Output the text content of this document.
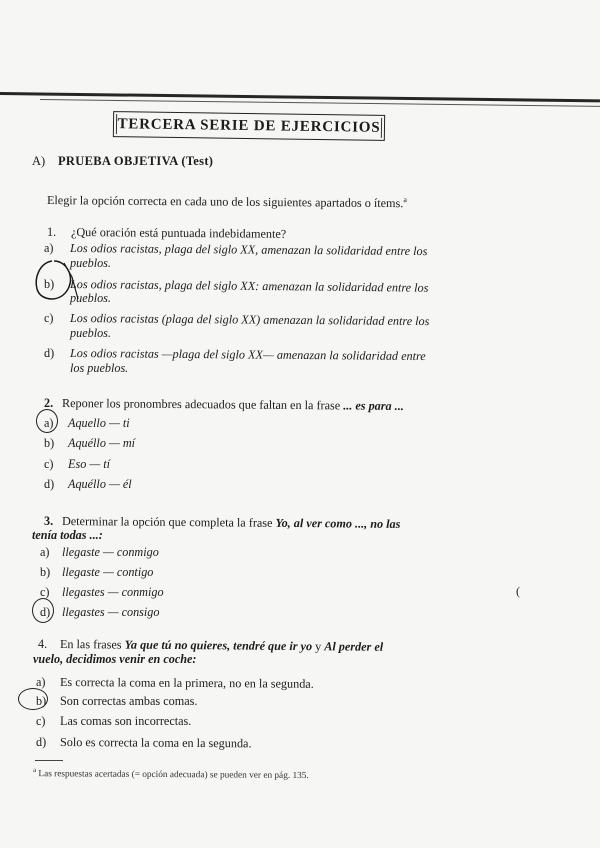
TERCERA SERIE DE EJERCICIOS
A) PRUEBA OBJETIVA (Test)
Elegir la opción correcta en cada uno de los siguientes apartados o ítems.$^a$
1. ¿Qué oración está puntuada indebidamente?
a) Los odios racistas, plaga del siglo XX, amenazan la solidaridad entre los
pueblos.
b) Los odios racistas, plaga del siglo XX: amenazan la solidaridad entre los
pueblos.
c) Los odios racistas (plaga del siglo XX) amenazan la solidaridad entre los
pueblos.
d) Los odios racistas —plaga del siglo XX— amenazan la solidaridad entre
los pueblos.
2. Reponer los pronombres adecuados que faltan en la frase ... es para ...
a) Aquello — ti
b) Aquéllo — mí
c) Eso — tí
d) Aquéllo — él
3. Determinar la opción que completa la frase Yo, al ver como ..., no las
tenía todas ...:
a) llegaste — conmigo
b) llegaste — contigo
c) llegastes — conmigo
d) llegastes — consigo
(
4. En las frases Ya que tú no quieres, tendré que ir yo y Al perder el
vuelo, decidimos venir en coche:
a) Es correcta la coma en la primera, no en la segunda.
b) Son correctas ambas comas.
c) Las comas son incorrectas.
d) Solo es correcta la coma en la segunda.
$^a$ Las respuestas acertadas (= opción adecuada) se pueden ver en pág. 135.
